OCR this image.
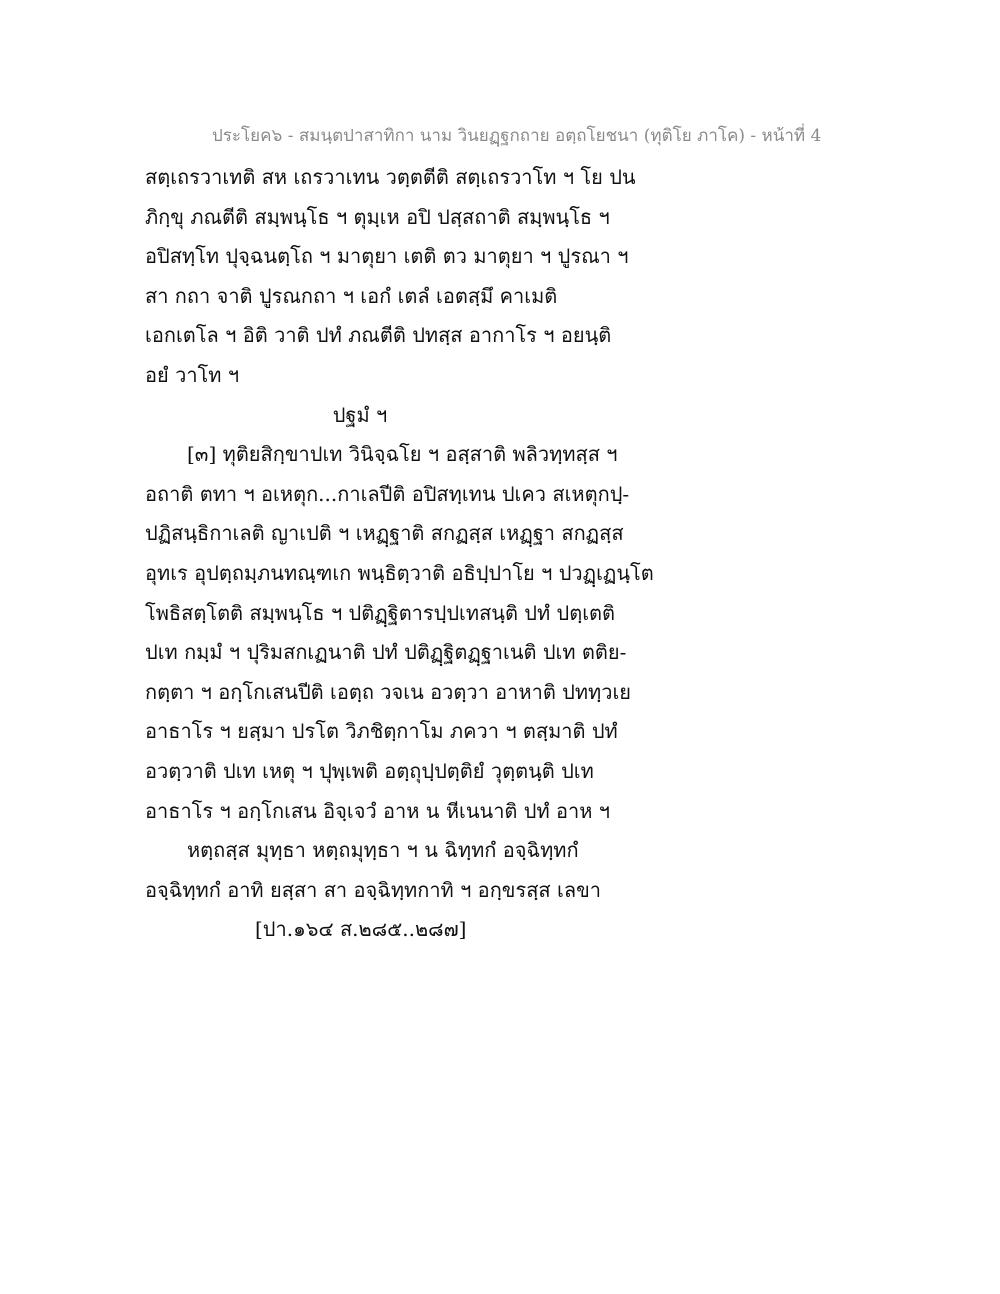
ประโยค๖ - สมนฺตปาสาทิกา นาม วินยฏฺฐกถาย อตฺถโยชนา (ทุติโย ภาโค) - หน้าที่ 4
สตฺเถรวาเทติ สห เถรวาเทน วตฺตตีติ สตฺเถรวาโท ฯ โย ปน
ภิกฺขุ ภณตีติ สมฺพนฺโธ ฯ ตุมฺเห อปิ ปสฺสถาติ สมฺพนฺโธ ฯ
อปิสทฺโท ปุจฺฉนตฺโถ ฯ มาตุยา เตติ ตว มาตุยา ฯ ปูรณา ฯ
สา กถา จาติ ปูรณกถา ฯ เอกํ เตลํ เอตสฺมึ คาเมติ
เอกเตโล ฯ อิติ วาติ ปทํ ภณตีติ ปทสฺส อากาโร ฯ อยนฺติ
อยํ วาโท ฯ
ปฐมํ ฯ
[๓] ทุติยสิกฺขาปเท วินิจฺฉโย ฯ อสฺสาติ พลิวทฺทสฺส ฯ
อถาติ ตทา ฯ อเหตุก...กาเลปีติ อปิสทฺเทน ปเคว สเหตุกปฺ-
ปฏิสนฺธิกาเลติ ญาเปติ ฯ เหฏฺฐาติ สกฏสฺส เหฏฺฐา สกฏสฺส
อุทเร อุปตฺถมฺภนทณฺฑเก พนฺธิตฺวาติ อธิปฺปาโย ฯ ปวฏฺเฏนฺโต
โพธิสตฺโตติ สมฺพนฺโธ ฯ ปติฏฺฐิตารปฺปเทสนฺติ ปทํ ปตฺเตติ
ปเท กมฺมํ ฯ ปุริมสกเฏนาติ ปทํ ปติฏฺฐิตฏฺฐาเนติ ปเท ตติย-
กตฺตา ฯ อกฺโกเสนปีติ เอตฺถ วจเน อวตฺวา อาหาติ ปททฺวเย
อาธาโร ฯ ยสฺมา ปรโต วิภชิตฺกาโม ภควา ฯ ตสฺมาติ ปทํ
อวตฺวาติ ปเท เหตุ ฯ ปุพฺเพติ อตฺถุปฺปตฺติยํ วุตฺตนฺติ ปเท
อาธาโร ฯ อกฺโกเสน อิจฺเจวํ อาห น หีเนนาติ ปทํ อาห ฯ
หตฺถสฺส มุทฺธา หตฺถมุทฺธา ฯ น ฉิทฺทกํ อจฺฉิทฺทกํ
อจฺฉิทฺทกํ อาทิ ยสฺสา สา อจฺฉิทฺทกาทิ ฯ อกฺขรสฺส เลขา
[ปา.๑๖๔ ส.๒๘๕..๒๘๗]
